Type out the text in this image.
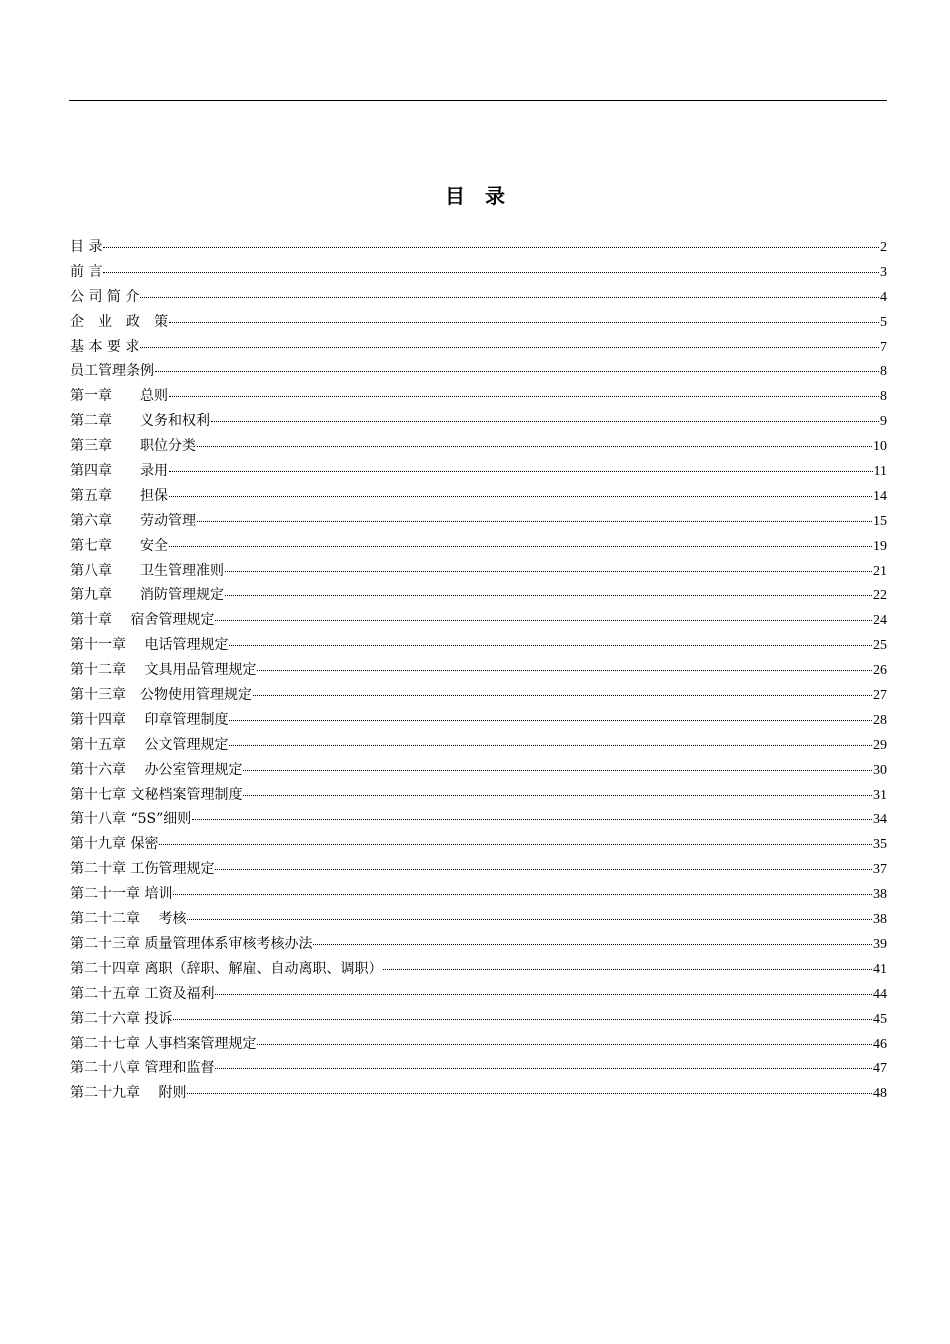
目　录
目 录	2
前 言	3
公 司 简 介	4
企　业　政　策	5
基 本 要 求	7
员工管理条例	8
第一章　　总则	8
第二章　　义务和权利	9
第三章　　职位分类	10
第四章　　录用	11
第五章　　担保	14
第六章　　劳动管理	15
第七章　　安全	19
第八章　　卫生管理准则	21
第九章　　消防管理规定	22
第十章　 宿舍管理规定	24
第十一章　 电话管理规定	25
第十二章　 文具用品管理规定	26
第十三章　公物使用管理规定	27
第十四章　 印章管理制度	28
第十五章　 公文管理规定	29
第十六章　 办公室管理规定	30
第十七章 文秘档案管理制度	31
第十八章 “5S”细则	34
第十九章 保密	35
第二十章 工伤管理规定	37
第二十一章 培训	38
第二十二章　 考核	38
第二十三章 质量管理体系审核考核办法	39
第二十四章 离职（辞职、解雇、自动离职、调职）	41
第二十五章 工资及福利	44
第二十六章 投诉	45
第二十七章 人事档案管理规定	46
第二十八章 管理和监督	47
第二十九章　 附则	48
